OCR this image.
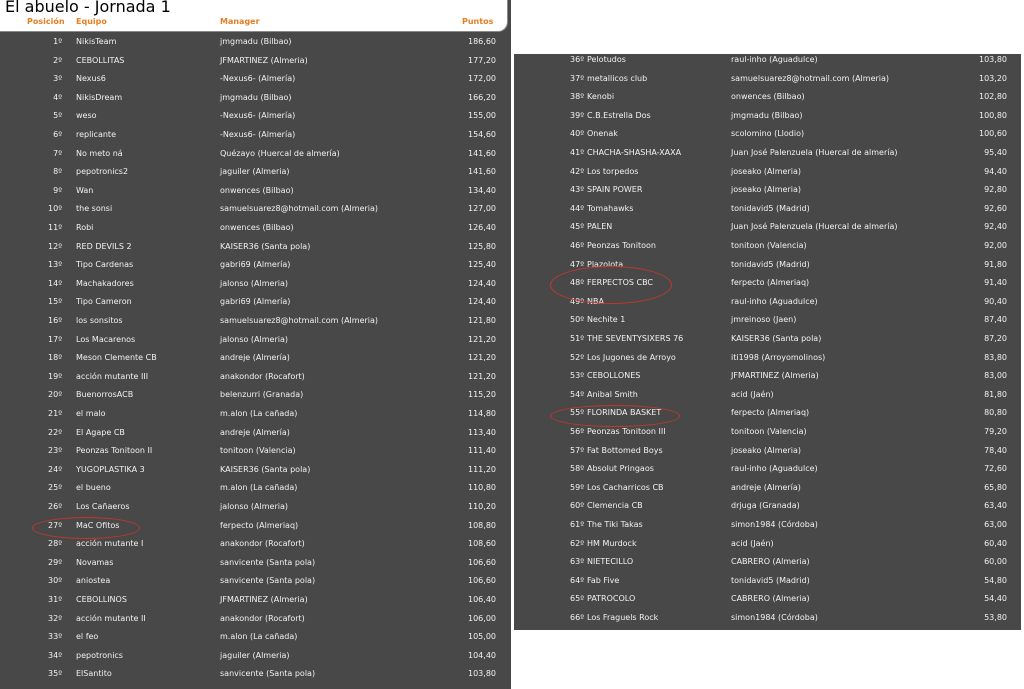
El abuelo - Jornada 1
Posición Equipo	Manager	Puntos
1º NikisTeam	jmgmadu (Bilbao)	186,60
2º CEBOLLITAS	JFMARTINEZ (Almeria)	177,20
3º Nexus6	-Nexus6- (Almería)	172,00
4º NikisDream	jmgmadu (Bilbao)	166,20
5º weso	-Nexus6- (Almería)	155,00
6º replicante	-Nexus6- (Almería)	154,60
7º No meto ná	Quézayo (Huercal de almería)	141,60
8º pepotronics2	jaguiler (Almeria)	141,60
9º Wan	onwences (Bilbao)	134,40
10º the sonsi	samuelsuarez8@hotmail.com (Almeria)	127,00
11º Robi	onwences (Bilbao)	126,40
12º RED DEVILS 2	KAISER36 (Santa pola)	125,80
13º Tipo Cardenas	gabri69 (Almería)	125,40
14º Machakadores	jalonso (Almeria)	124,40
15º Tipo Cameron	gabri69 (Almería)	124,40
16º los sonsitos	samuelsuarez8@hotmail.com (Almeria)	121,80
17º Los Macarenos	jalonso (Almeria)	121,20
18º Meson Clemente CB	andreje (Almería)	121,20
19º acción mutante III	anakondor (Rocafort)	121,20
20º BuenorrosACB	belenzurri (Granada)	115,20
21º el malo	m.alon (La cañada)	114,80
22º El Agape CB	andreje (Almería)	113,40
23º Peonzas Tonitoon II	tonitoon (Valencia)	111,40
24º YUGOPLASTIKA 3	KAISER36 (Santa pola)	111,20
25º el bueno	m.alon (La cañada)	110,80
26º Los Cañaeros	jalonso (Almeria)	110,20
27º MaC Ofitos	ferpecto (Almeriaq)	108,80
28º acción mutante I	anakondor (Rocafort)	108,60
29º Novamas	sanvicente (Santa pola)	106,60
30º aniostea	sanvicente (Santa pola)	106,60
31º CEBOLLINOS	JFMARTINEZ (Almeria)	106,40
32º acción mutante II	anakondor (Rocafort)	106,00
33º el feo	m.alon (La cañada)	105,00
34º pepotronics	jaguiler (Almeria)	104,40
35º ElSantito	sanvicente (Santa pola)	103,80
36º Pelotudos	raul-inho (Aguadulce)	103,80
37º metallicos club	samuelsuarez8@hotmail.com (Almeria)	103,20
38º Kenobi	onwences (Bilbao)	102,80
39º C.B.Estrella Dos	jmgmadu (Bilbao)	100,80
40º Onenak	scolomino (Llodio)	100,60
41º CHACHA-SHASHA-XAXA	Juan José Palenzuela (Huercal de almería)	95,40
42º Los torpedos	joseako (Almeria)	94,40
43º SPAIN POWER	joseako (Almeria)	92,80
44º Tomahawks	tonidavid5 (Madrid)	92,60
45º PALEN	Juan José Palenzuela (Huercal de almería)	92,40
46º Peonzas Tonitoon	tonitoon (Valencia)	92,00
47º Plazolota	tonidavid5 (Madrid)	91,80
48º FERPECTOS CBC	ferpecto (Almeriaq)	91,40
49º NBA	raul-inho (Aguadulce)	90,40
50º Nechite 1	jmreinoso (Jaen)	87,40
51º THE SEVENTYSIXERS 76	KAISER36 (Santa pola)	87,20
52º Los Jugones de Arroyo	iti1998 (Arroyomolinos)	83,80
53º CEBOLLONES	JFMARTINEZ (Almeria)	83,00
54º Anibal Smith	acid (Jaén)	81,80
55º FLORINDA BASKET	ferpecto (Almeriaq)	80,80
56º Peonzas Tonitoon III	tonitoon (Valencia)	79,20
57º Fat Bottomed Boys	joseako (Almeria)	78,40
58º Absolut Pringaos	raul-inho (Aguadulce)	72,60
59º Los Cacharricos CB	andreje (Almería)	65,80
60º Clemencia CB	drjuga (Granada)	63,40
61º The Tiki Takas	simon1984 (Córdoba)	63,00
62º HM Murdock	acid (Jaén)	60,40
63º NIETECILLO	CABRERO (Almeria)	60,00
64º Fab Five	tonidavid5 (Madrid)	54,80
65º PATROCOLO	CABRERO (Almeria)	54,40
66º Los Fraguels Rock	simon1984 (Córdoba)	53,80
